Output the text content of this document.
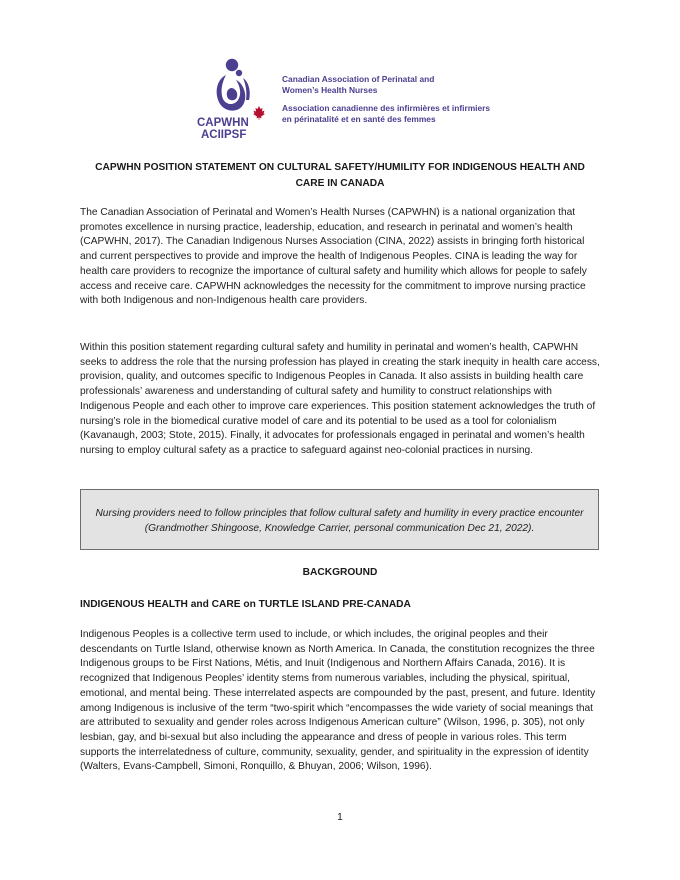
CAPWHN
ACIIPSF
Canadian Association of Perinatal and
Women’s Health Nurses
Association canadienne des infirmières et infirmiers
en périnatalité et en santé des femmes
CAPWHN POSITION STATEMENT ON CULTURAL SAFETY/HUMILITY FOR INDIGENOUS HEALTH AND CARE IN CANADA
The Canadian Association of Perinatal and Women’s Health Nurses (CAPWHN) is a national organization that promotes excellence in nursing practice, leadership, education, and research in perinatal and women’s health (CAPWHN, 2017). The Canadian Indigenous Nurses Association (CINA, 2022) assists in bringing forth historical and current perspectives to provide and improve the health of Indigenous Peoples. CINA is leading the way for health care providers to recognize the importance of cultural safety and humility which allows for people to safely access and receive care. CAPWHN acknowledges the necessity for the commitment to improve nursing practice with both Indigenous and non-Indigenous health care providers.
Within this position statement regarding cultural safety and humility in perinatal and women’s health, CAPWHN seeks to address the role that the nursing profession has played in creating the stark inequity in health care access, provision, quality, and outcomes specific to Indigenous Peoples in Canada. It also assists in building health care professionals’ awareness and understanding of cultural safety and humility to construct relationships with Indigenous People and each other to improve care experiences. This position statement acknowledges the truth of nursing’s role in the biomedical curative model of care and its potential to be used as a tool for colonialism (Kavanaugh, 2003; Stote, 2015). Finally, it advocates for professionals engaged in perinatal and women’s health nursing to employ cultural safety as a practice to safeguard against neo-colonial practices in nursing.
Nursing providers need to follow principles that follow cultural safety and humility in every practice encounter (Grandmother Shingoose, Knowledge Carrier, personal communication Dec 21, 2022).
BACKGROUND
INDIGENOUS HEALTH and CARE on TURTLE ISLAND PRE-CANADA
Indigenous Peoples is a collective term used to include, or which includes, the original peoples and their descendants on Turtle Island, otherwise known as North America. In Canada, the constitution recognizes the three Indigenous groups to be First Nations, Métis, and Inuit (Indigenous and Northern Affairs Canada, 2016). It is recognized that Indigenous Peoples’ identity stems from numerous variables, including the physical, spiritual, emotional, and mental being. These interrelated aspects are compounded by the past, present, and future. Identity among Indigenous is inclusive of the term “two-spirit which “encompasses the wide variety of social meanings that are attributed to sexuality and gender roles across Indigenous American culture” (Wilson, 1996, p. 305), not only lesbian, gay, and bi-sexual but also including the appearance and dress of people in various roles. This term supports the interrelatedness of culture, community, sexuality, gender, and spirituality in the expression of identity (Walters, Evans-Campbell, Simoni, Ronquillo, & Bhuyan, 2006; Wilson, 1996).
1
